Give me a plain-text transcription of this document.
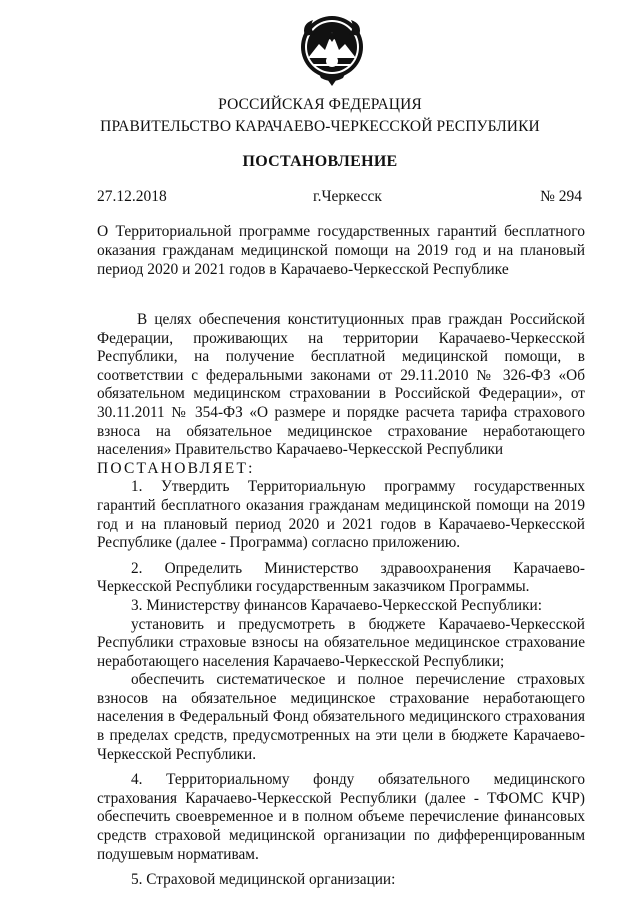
РОССИЙСКАЯ ФЕДЕРАЦИЯ
ПРАВИТЕЛЬСТВО КАРАЧАЕВО-ЧЕРКЕССКОЙ РЕСПУБЛИКИ
ПОСТАНОВЛЕНИЕ
27.12.2018	г.Черкесск	№ 294
О Территориальной программе государственных гарантий бесплатного оказания гражданам медицинской помощи на 2019 год и на плановый период 2020 и 2021 годов в Карачаево-Черкесской Республике

В целях обеспечения конституционных прав граждан Российской Федерации, проживающих на территории Карачаево-Черкесской Республики, на получение бесплатной медицинской помощи, в соответствии с федеральными законами от 29.11.2010 № 326-ФЗ «Об обязательном медицинском страховании в Российской Федерации», от 30.11.2011 № 354-ФЗ «О размере и порядке расчета тарифа страхового взноса на обязательное медицинское страхование неработающего населения» Правительство Карачаево-Черкесской Республики

ПОСТАНОВЛЯЕТ:

1. Утвердить Территориальную программу государственных гарантий бесплатного оказания гражданам медицинской помощи на 2019 год и на плановый период 2020 и 2021 годов в Карачаево-Черкесской Республике (далее - Программа) согласно приложению.

2. Определить Министерство здравоохранения Карачаево-Черкесской Республики государственным заказчиком Программы.

3. Министерству финансов Карачаево-Черкесской Республики:

установить и предусмотреть в бюджете Карачаево-Черкесской Республики страховые взносы на обязательное медицинское страхование неработающего населения Карачаево-Черкесской Республики;

обеспечить систематическое и полное перечисление страховых взносов на обязательное медицинское страхование неработающего населения в Федеральный Фонд обязательного медицинского страхования в пределах средств, предусмотренных на эти цели в бюджете Карачаево-Черкесской Республики.

4. Территориальному фонду обязательного медицинского страхования Карачаево-Черкесской Республики (далее - ТФОМС КЧР) обеспечить своевременное и в полном объеме перечисление финансовых средств страховой медицинской организации по дифференцированным подушевым нормативам.

5. Страховой медицинской организации:
